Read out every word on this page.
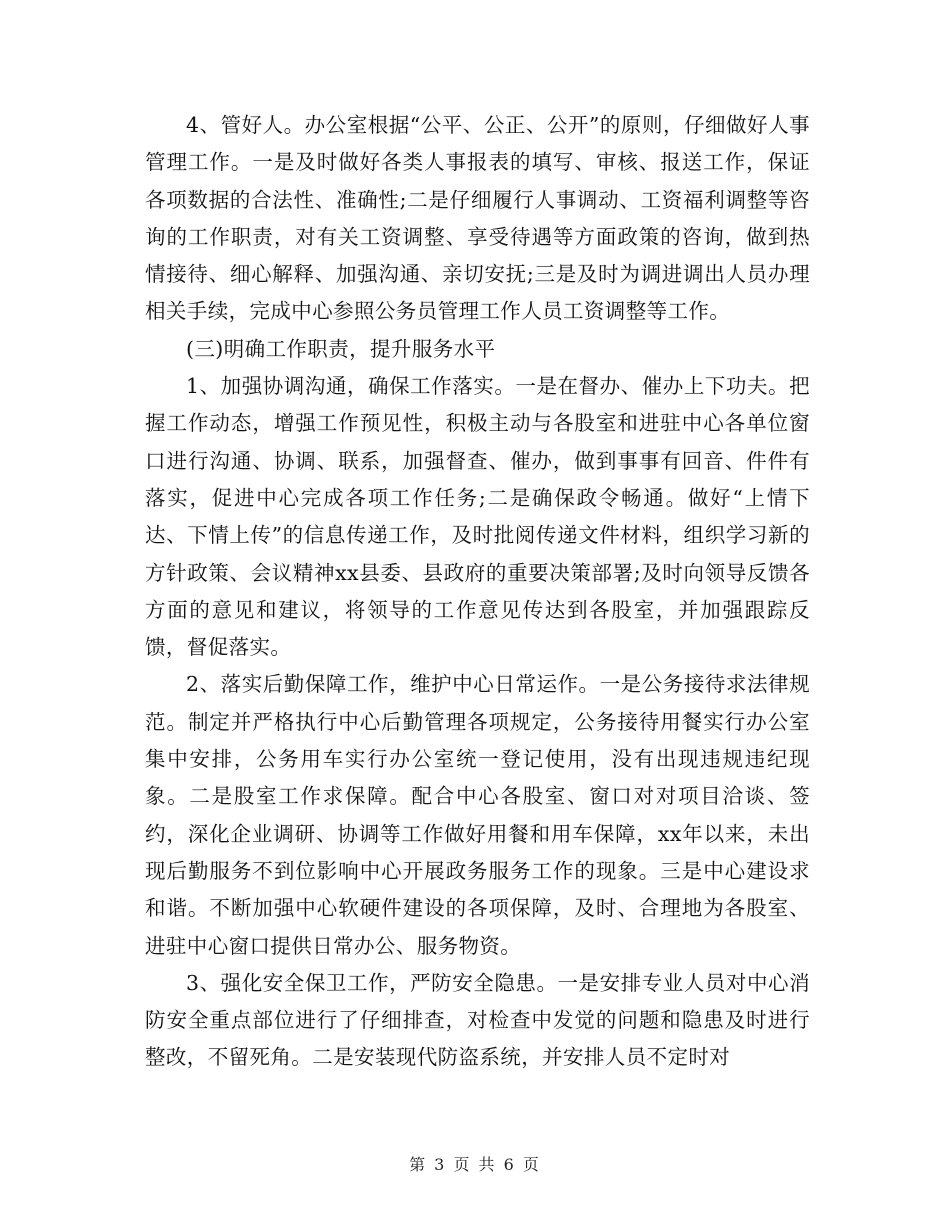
4、管好人。办公室根据“公平、公正、公开”的原则，仔细做好人事管理工作。一是及时做好各类人事报表的填写、审核、报送工作，保证各项数据的合法性、准确性;二是仔细履行人事调动、工资福利调整等咨询的工作职责，对有关工资调整、享受待遇等方面政策的咨询，做到热情接待、细心解释、加强沟通、亲切安抚;三是及时为调进调出人员办理相关手续，完成中心参照公务员管理工作人员工资调整等工作。

(三)明确工作职责，提升服务水平

1、加强协调沟通，确保工作落实。一是在督办、催办上下功夫。把握工作动态，增强工作预见性，积极主动与各股室和进驻中心各单位窗口进行沟通、协调、联系，加强督查、催办，做到事事有回音、件件有落实，促进中心完成各项工作任务;二是确保政令畅通。做好“上情下达、下情上传”的信息传递工作，及时批阅传递文件材料，组织学习新的方针政策、会议精神xx县委、县政府的重要决策部署;及时向领导反馈各方面的意见和建议，将领导的工作意见传达到各股室，并加强跟踪反馈，督促落实。

2、落实后勤保障工作，维护中心日常运作。一是公务接待求法律规范。制定并严格执行中心后勤管理各项规定，公务接待用餐实行办公室集中安排，公务用车实行办公室统一登记使用，没有出现违规违纪现象。二是股室工作求保障。配合中心各股室、窗口对对项目洽谈、签约，深化企业调研、协调等工作做好用餐和用车保障，xx年以来，未出现后勤服务不到位影响中心开展政务服务工作的现象。三是中心建设求和谐。不断加强中心软硬件建设的各项保障，及时、合理地为各股室、进驻中心窗口提供日常办公、服务物资。

3、强化安全保卫工作，严防安全隐患。一是安排专业人员对中心消防安全重点部位进行了仔细排查，对检查中发觉的问题和隐患及时进行整改，不留死角。二是安装现代防盗系统，并安排人员不定时对

第 3 页 共 6 页
